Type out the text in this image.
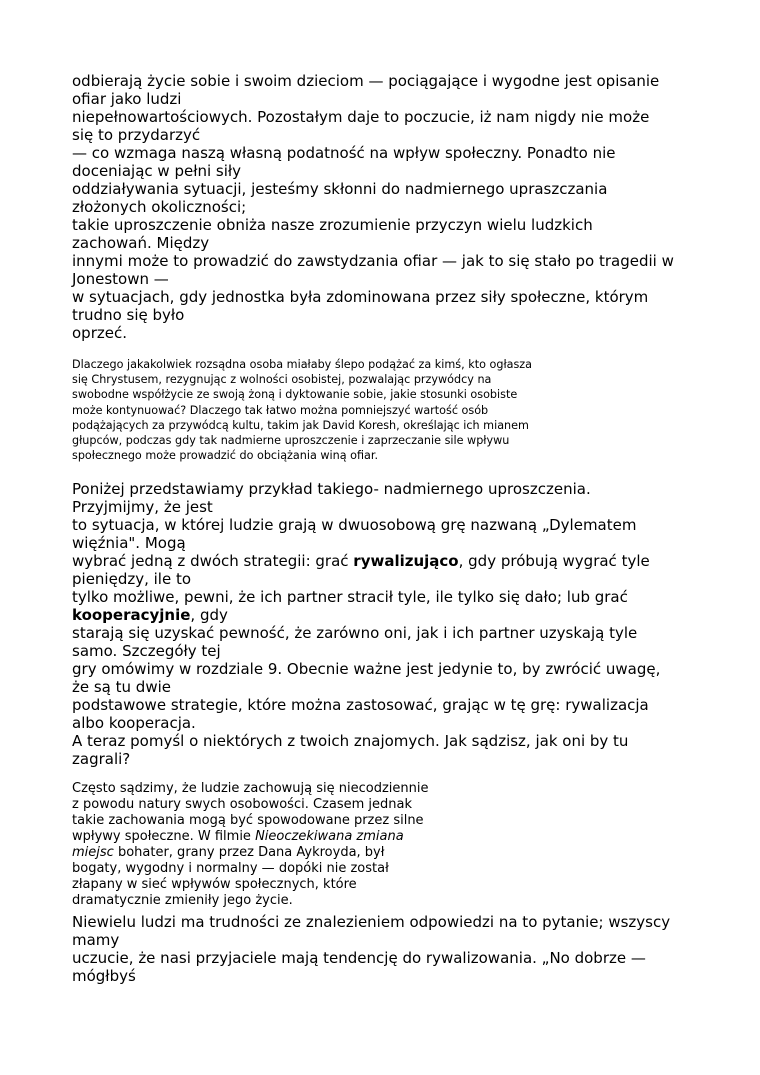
odbierają życie sobie i swoim dzieciom — pociągające i wygodne jest opisanie

ofiar jako ludzi

niepełnowartościowych. Pozostałym daje to poczucie, iż nam nigdy nie może

się to przydarzyć

— co wzmaga naszą własną podatność na wpływ społeczny. Ponadto nie

doceniając w pełni siły

oddziaływania sytuacji, jesteśmy skłonni do nadmiernego upraszczania

złożonych okoliczności;

takie uproszczenie obniża nasze zrozumienie przyczyn wielu ludzkich

zachowań. Między

innymi może to prowadzić do zawstydzania ofiar — jak to się stało po tragedii w

Jonestown —

w sytuacjach, gdy jednostka była zdominowana przez siły społeczne, którym

trudno się było

oprzeć.

Dlaczego jakakolwiek rozsądna osoba miałaby ślepo podążać za kimś, kto ogłasza

się Chrystusem, rezygnując z wolności osobistej, pozwalając przywódcy na

swobodne współżycie ze swoją żoną i dyktowanie sobie, jakie stosunki osobiste

może kontynuować? Dlaczego tak łatwo można pomniejszyć wartość osób

podążających za przywódcą kultu, takim jak David Koresh, określając ich mianem

głupców, podczas gdy tak nadmierne uproszczenie i zaprzeczanie sile wpływu

społecznego może prowadzić do obciążania winą ofiar.

Poniżej przedstawiamy przykład takiego- nadmiernego uproszczenia.

Przyjmijmy, że jest

to sytuacja, w której ludzie grają w dwuosobową grę nazwaną „Dylematem

więźnia". Mogą

wybrać jedną z dwóch strategii: grać rywalizująco, gdy próbują wygrać tyle

pieniędzy, ile to

tylko możliwe, pewni, że ich partner stracił tyle, ile tylko się dało; lub grać

kooperacyjnie, gdy

starają się uzyskać pewność, że zarówno oni, jak i ich partner uzyskają tyle

samo. Szczegóły tej

gry omówimy w rozdziale 9. Obecnie ważne jest jedynie to, by zwrócić uwagę,

że są tu dwie

podstawowe strategie, które można zastosować, grając w tę grę: rywalizacja

albo kooperacja.

A teraz pomyśl o niektórych z twoich znajomych. Jak sądzisz, jak oni by tu

zagrali?

Często sądzimy, że ludzie zachowują się niecodziennie

z powodu natury swych osobowości. Czasem jednak

takie zachowania mogą być spowodowane przez silne

wpływy społeczne. W filmie Nieoczekiwana zmiana

miejsc bohater, grany przez Dana Aykroyda, był

bogaty, wygodny i normalny — dopóki nie został

złapany w sieć wpływów społecznych, które

dramatycznie zmieniły jego życie.

Niewielu ludzi ma trudności ze znalezieniem odpowiedzi na to pytanie; wszyscy

mamy

uczucie, że nasi przyjaciele mają tendencję do rywalizowania. „No dobrze —

mógłbyś
